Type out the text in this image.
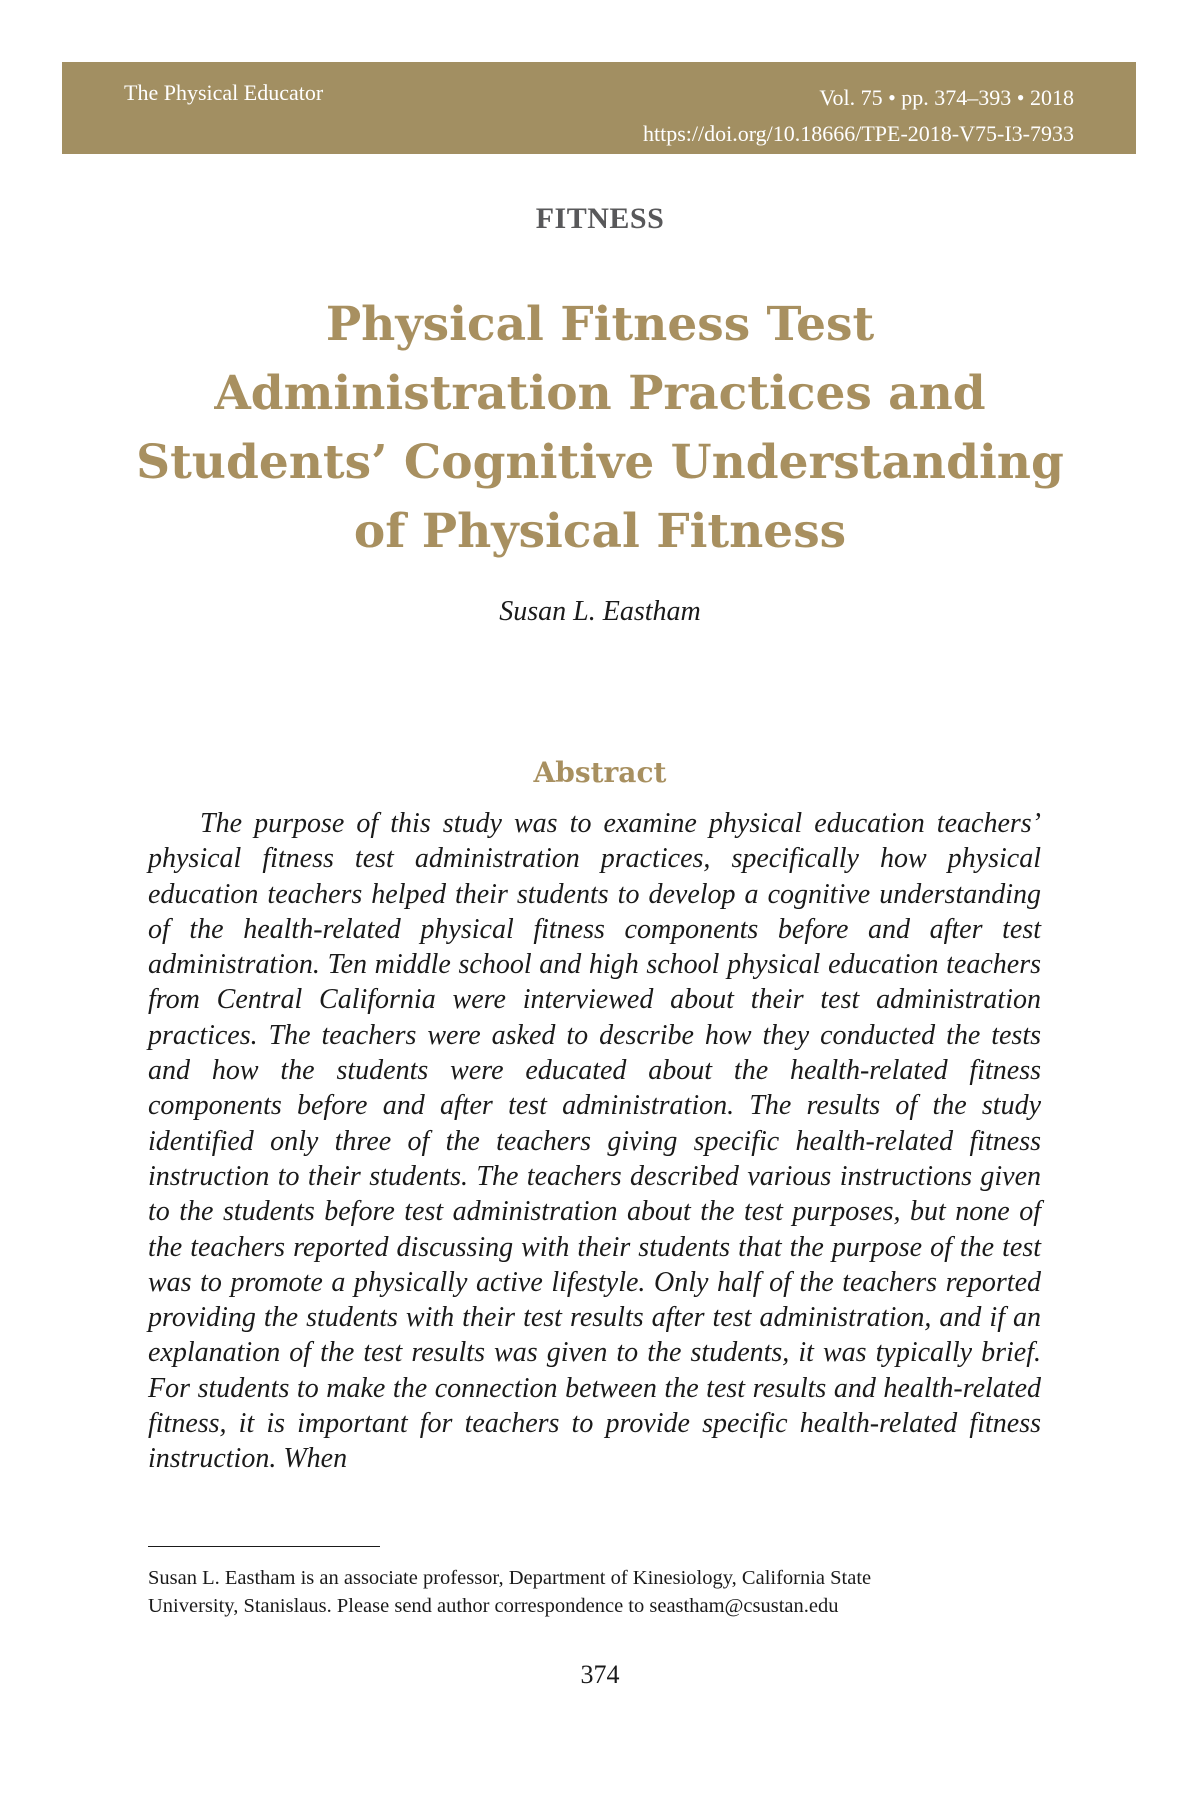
The Physical Educator	Vol. 75 • pp. 374–393 • 2018
https://doi.org/10.18666/TPE-2018-V75-I3-7933
FITNESS
Physical Fitness Test
Administration Practices and
Students’ Cognitive Understanding
of Physical Fitness
Susan L. Eastham
Abstract

The purpose of this study was to examine physical education teachers’ physical fitness test administration practices, specifically how physical education teachers helped their students to develop a cognitive understanding of the health-related physical fitness components before and after test administration. Ten middle school and high school physical education teachers from Central California were interviewed about their test administration practices. The teachers were asked to describe how they conducted the tests and how the students were educated about the health-related fitness components before and after test administration. The results of the study identified only three of the teachers giving specific health-related fitness instruction to their students. The teachers described various instructions given to the students before test administration about the test purposes, but none of the teachers reported discussing with their students that the purpose of the test was to promote a physically active lifestyle. Only half of the teachers reported providing the students with their test results after test administration, and if an explanation of the test results was given to the students, it was typically brief. For students to make the connection between the test results and health-related fitness, it is important for teachers to provide specific health-related fitness instruction. When

Susan L. Eastham is an associate professor, Department of Kinesiology, California State
University, Stanislaus. Please send author correspondence to seastham@csustan.edu
374
